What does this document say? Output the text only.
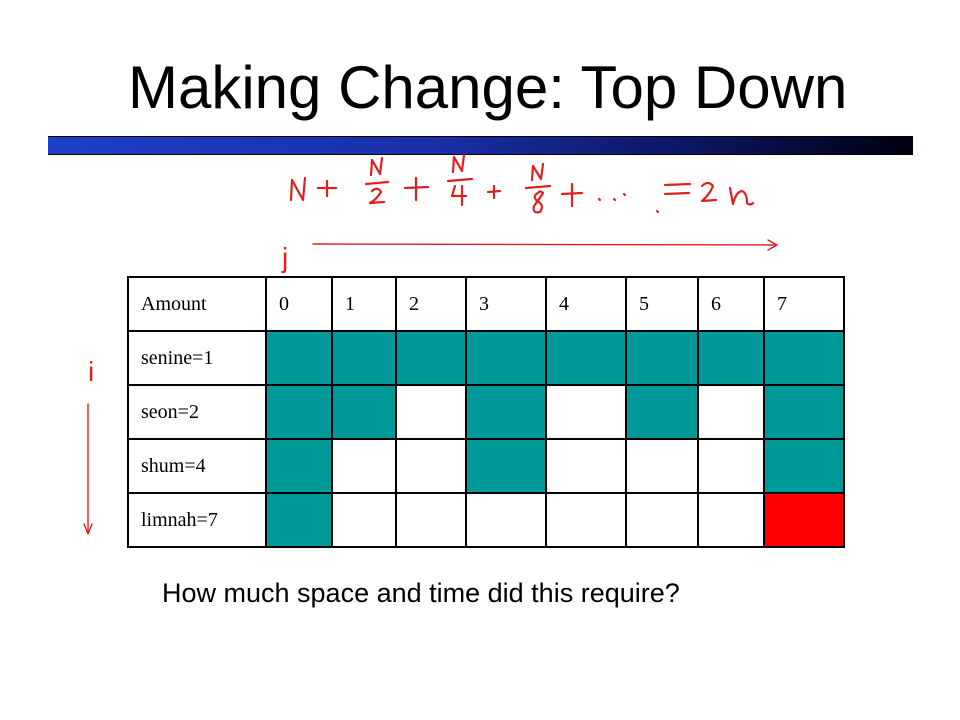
Making Change: Top Down
j
i
Amount	0	1	2	3	4	5	6	7
senine=1								
seon=2								
shum=4								
limnah=7								
How much space and time did this require?
